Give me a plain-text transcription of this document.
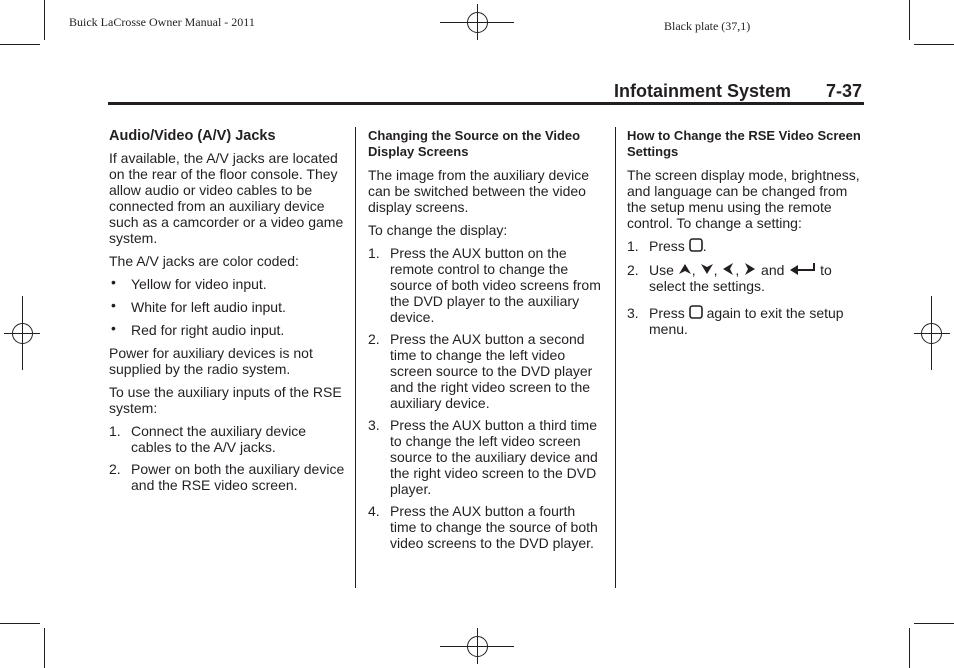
Buick LaCrosse Owner Manual - 2011	Black plate (37,1)
Infotainment System 7-37
Audio/Video (A/V) Jacks

If available, the A/V jacks are located on the rear of the floor console. They allow audio or video cables to be connected from an auxiliary device such as a camcorder or a video game system.

The A/V jacks are color coded:

• Yellow for video input.
• White for left audio input.
• Red for right audio input.

Power for auxiliary devices is not supplied by the radio system.

To use the auxiliary inputs of the RSE system:

1. Connect the auxiliary device cables to the A/V jacks.
2. Power on both the auxiliary device and the RSE video screen.
Changing the Source on the Video Display Screens

The image from the auxiliary device can be switched between the video display screens.

To change the display:

1. Press the AUX button on the remote control to change the source of both video screens from the DVD player to the auxiliary device.
2. Press the AUX button a second time to change the left video screen source to the DVD player and the right video screen to the auxiliary device.
3. Press the AUX button a third time to change the left video screen source to the auxiliary device and the right video screen to the DVD player.
4. Press the AUX button a fourth time to change the source of both video screens to the DVD player.
How to Change the RSE Video Screen Settings

The screen display mode, brightness, and language can be changed from the setup menu using the remote control. To change a setting:

1. Press .
2. Use , , , and	to select the settings.
3. Press again to exit the setup menu.
